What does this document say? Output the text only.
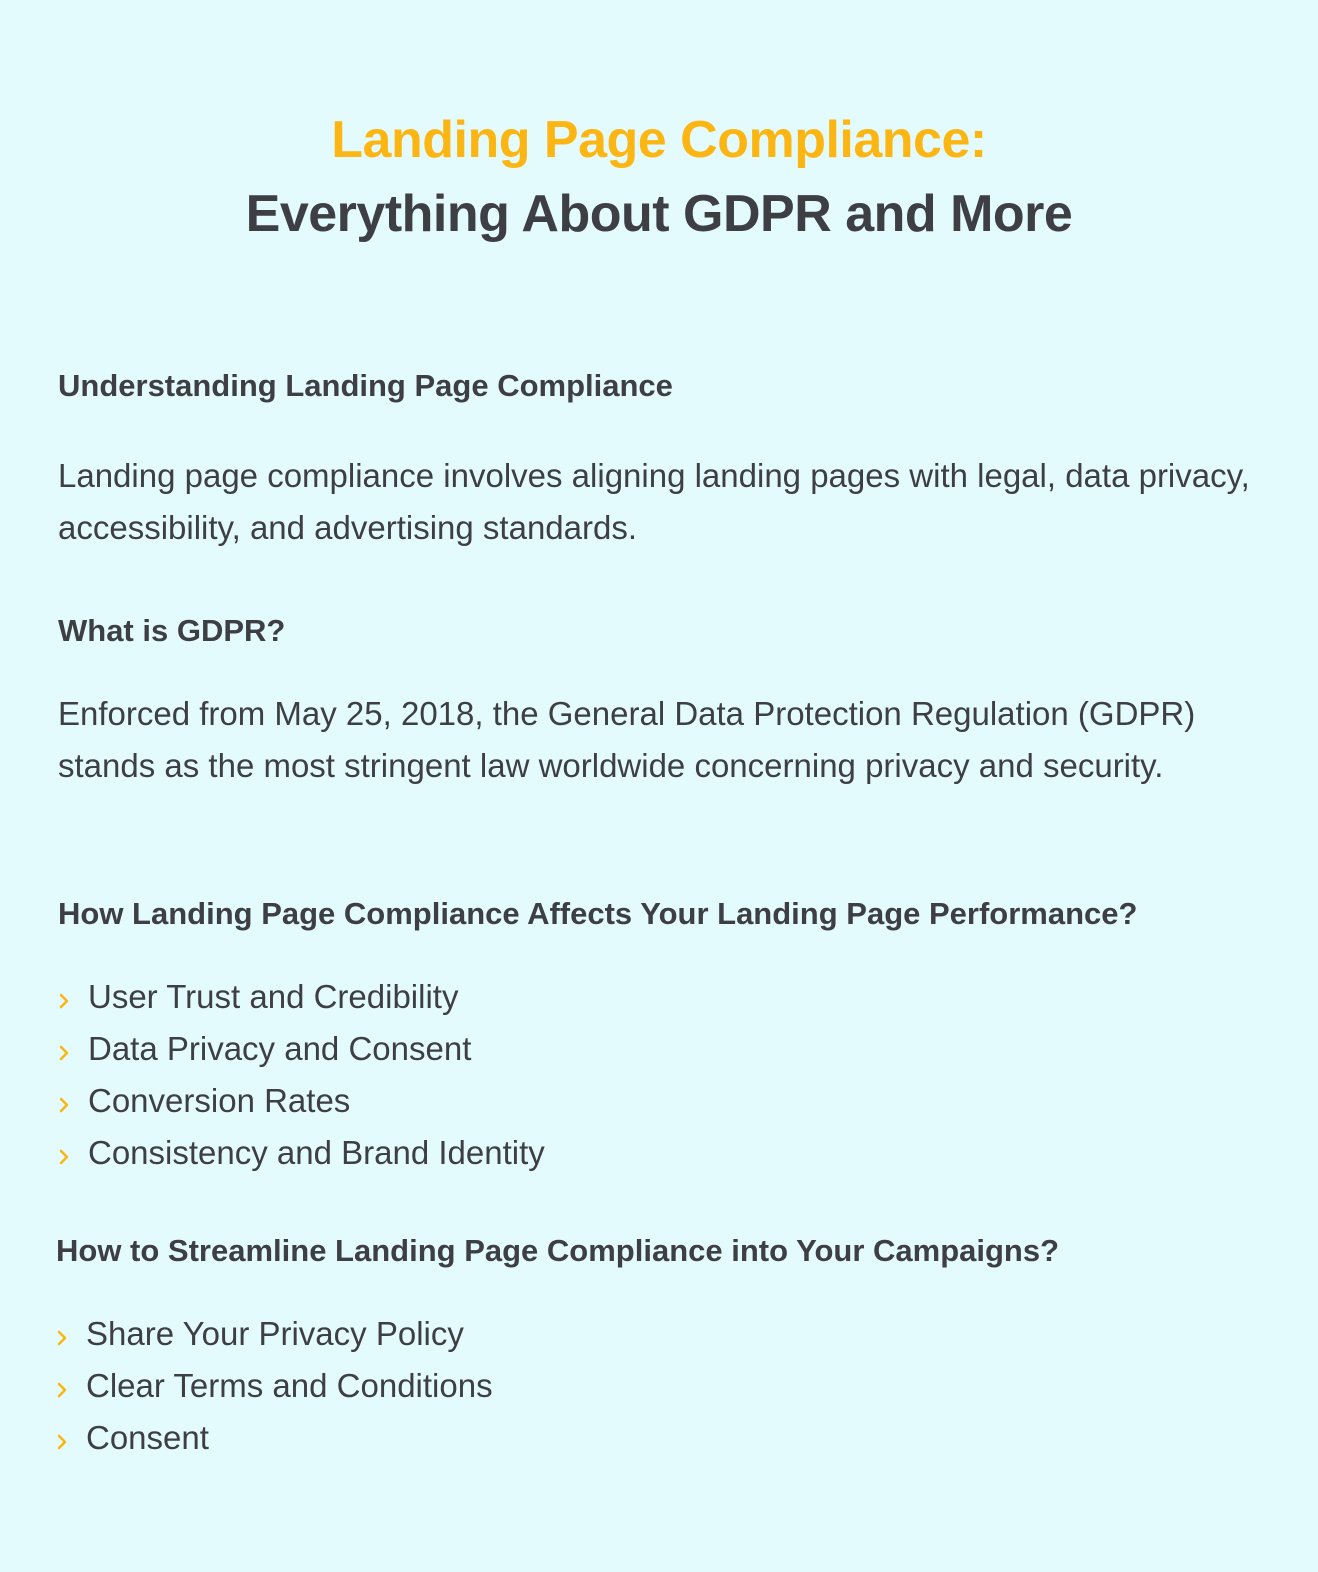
Landing Page Compliance:
Everything About GDPR and More
Understanding Landing Page Compliance
Landing page compliance involves aligning landing pages with legal, data privacy, accessibility, and advertising standards.
What is GDPR?
Enforced from May 25, 2018, the General Data Protection Regulation (GDPR) stands as the most stringent law worldwide concerning privacy and security.
How Landing Page Compliance Affects Your Landing Page Performance?
User Trust and Credibility
Data Privacy and Consent
Conversion Rates
Consistency and Brand Identity
How to Streamline Landing Page Compliance into Your Campaigns?
Share Your Privacy Policy
Clear Terms and Conditions
Consent
